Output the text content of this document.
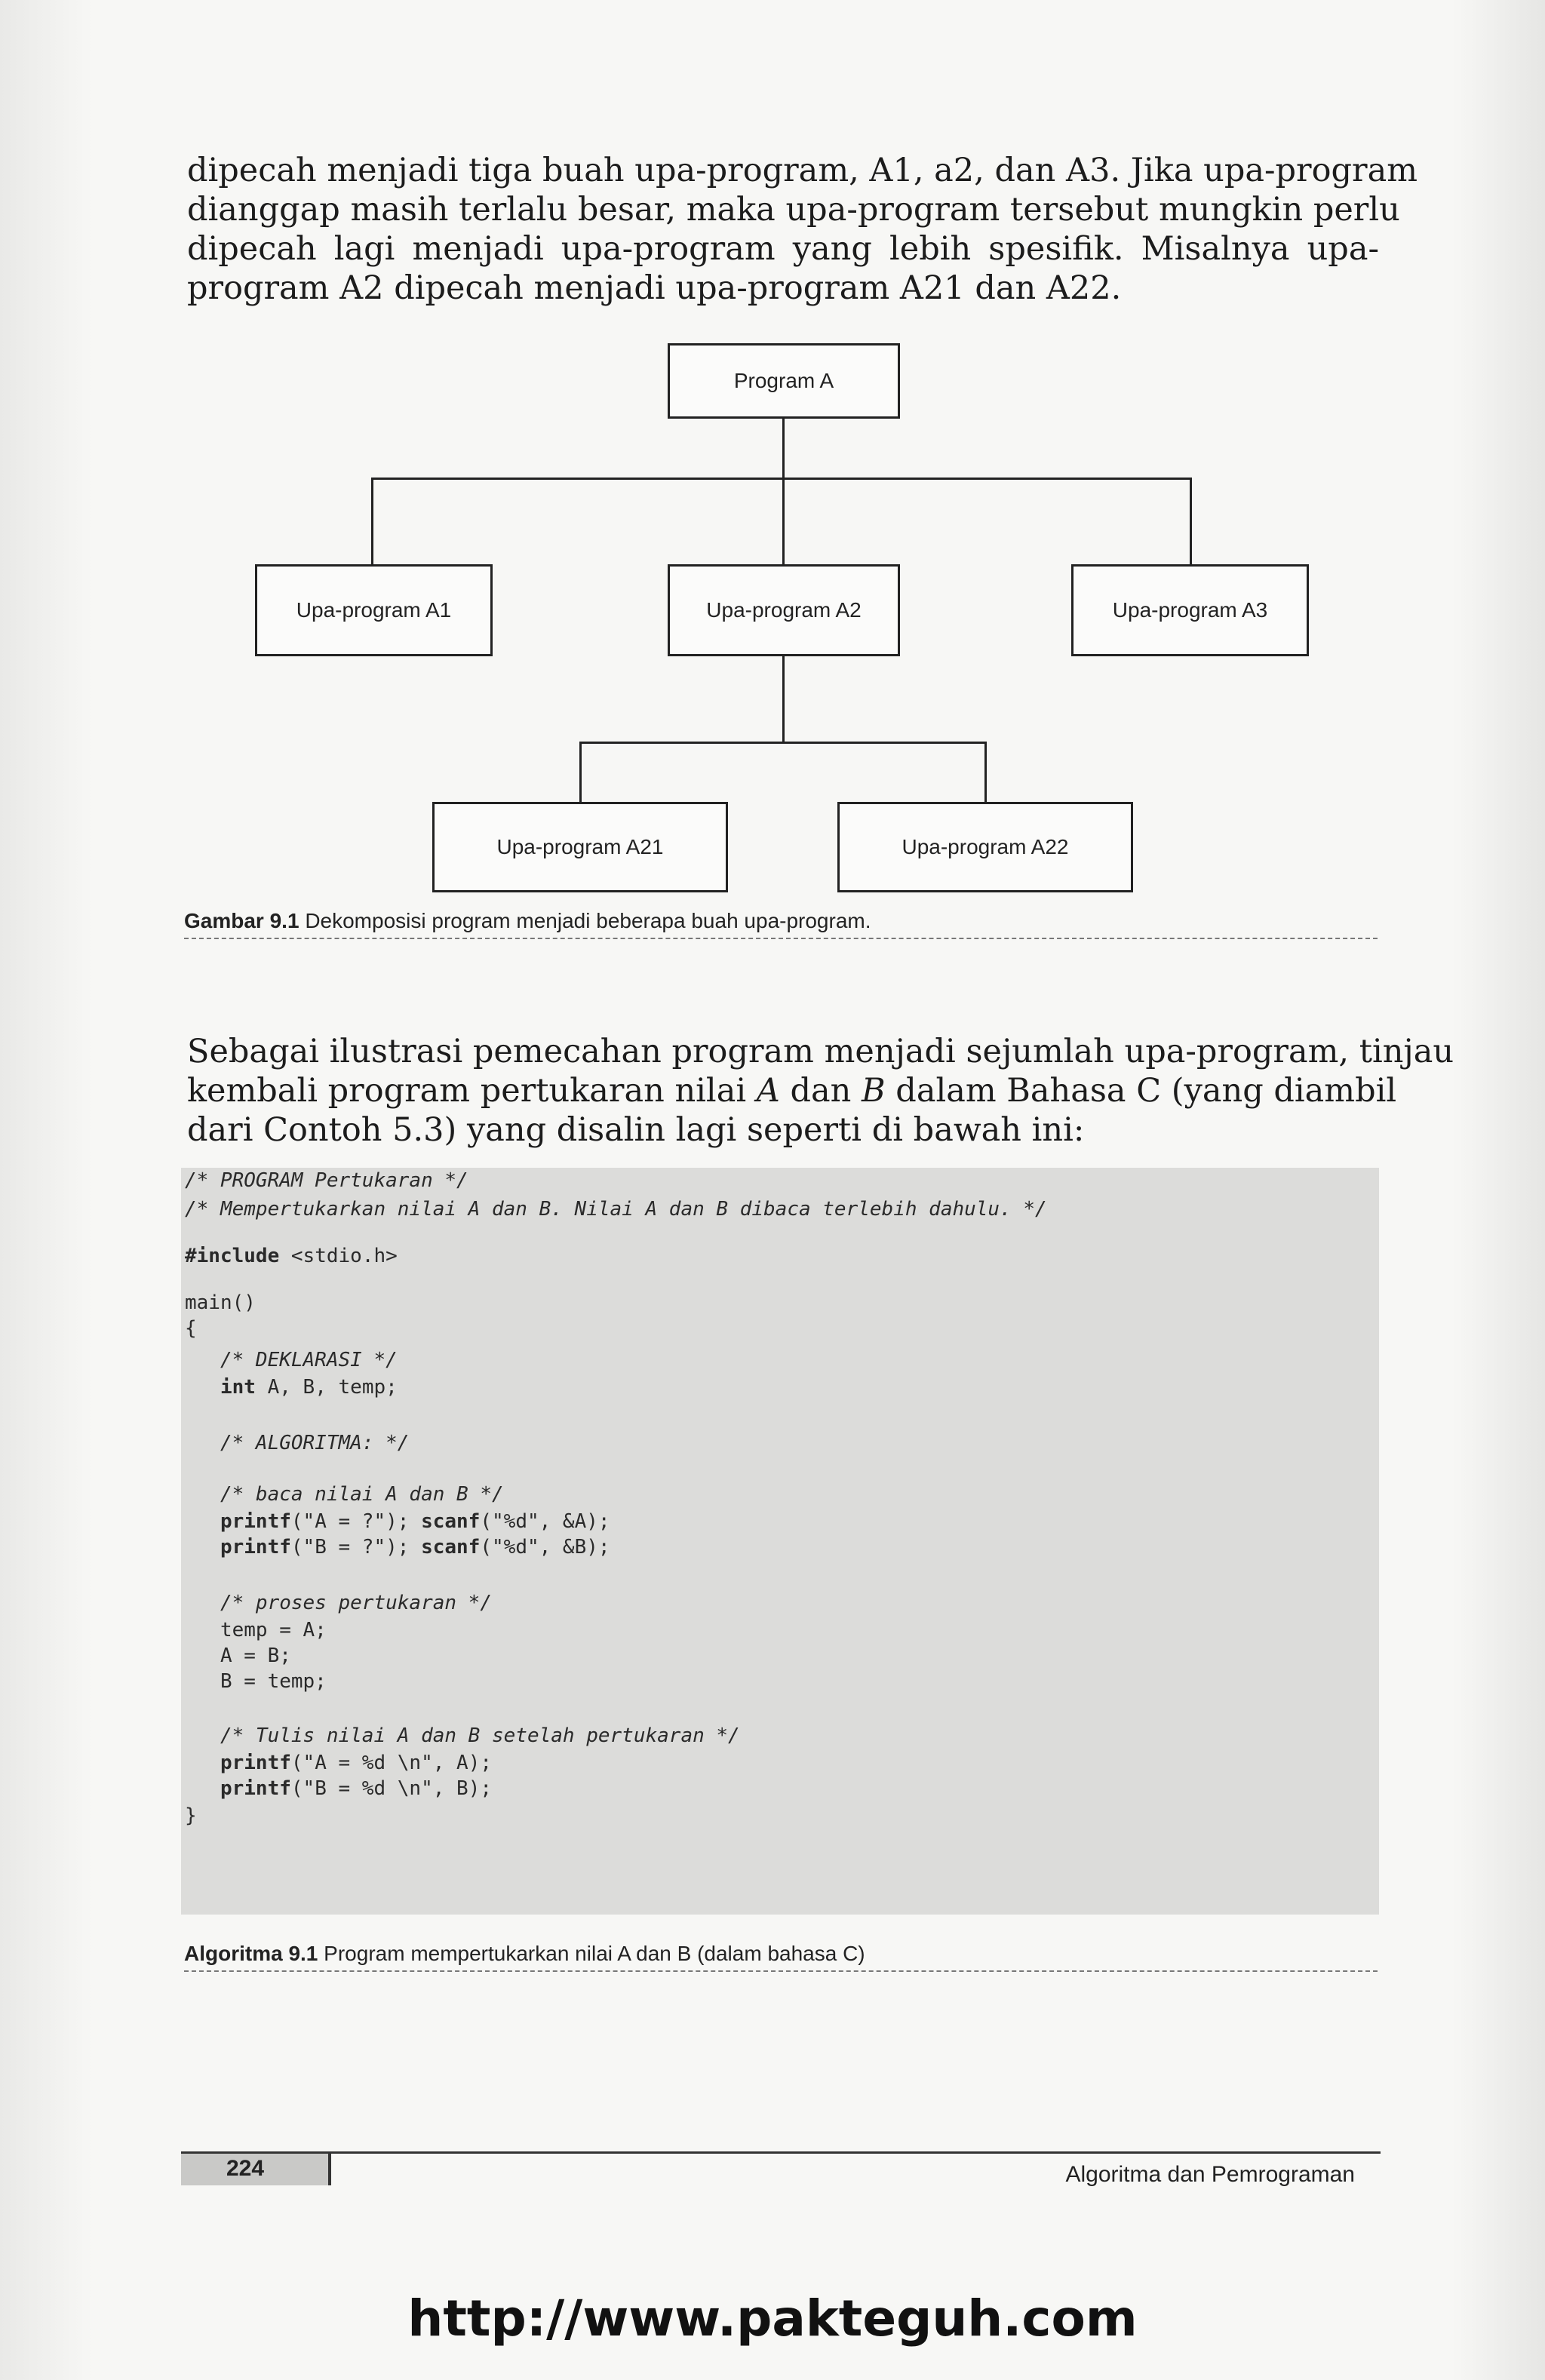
dipecah menjadi tiga buah upa-program, A1, a2, dan A3. Jika upa-program
dianggap masih terlalu besar, maka upa-program tersebut mungkin perlu
dipecah lagi menjadi upa-program yang lebih spesifik. Misalnya upa-
program A2 dipecah menjadi upa-program A21 dan A22.
Program A
Upa-program A1	Upa-program A2	Upa-program A3
Upa-program A21	Upa-program A22
Gambar 9.1 Dekomposisi program menjadi beberapa buah upa-program.
Sebagai ilustrasi pemecahan program menjadi sejumlah upa-program, tinjau
kembali program pertukaran nilai A dan B dalam Bahasa C (yang diambil
dari Contoh 5.3) yang disalin lagi seperti di bawah ini:
/* PROGRAM Pertukaran */
/* Mempertukarkan nilai A dan B. Nilai A dan B dibaca terlebih dahulu. */
#include <stdio.h>
main()
{
/* DEKLARASI */
int A, B, temp;
/* ALGORITMA: */
/* baca nilai A dan B */
printf("A = ?"); scanf("%d", &A);
printf("B = ?"); scanf("%d", &B);
/* proses pertukaran */
temp = A;
A = B;
B = temp;
/* Tulis nilai A dan B setelah pertukaran */
printf("A = %d \n", A);
printf("B = %d \n", B);
}
Algoritma 9.1 Program mempertukarkan nilai A dan B (dalam bahasa C)
224	Algoritma dan Pemrograman
http://www.pakteguh.com
